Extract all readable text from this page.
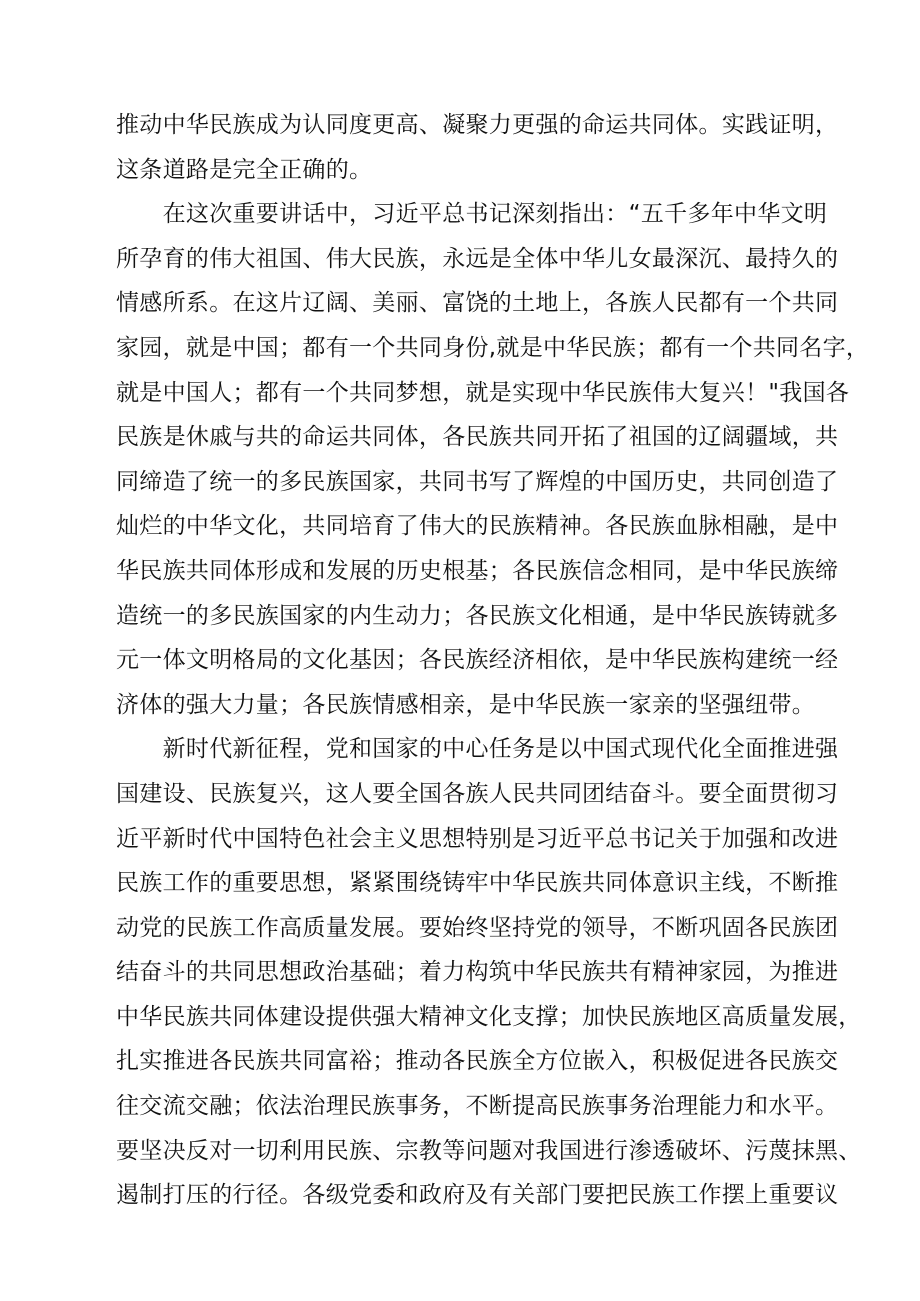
推动中华民族成为认同度更高、凝聚力更强的命运共同体。实践证明，
这条道路是完全正确的。
　　在这次重要讲话中，习近平总书记深刻指出：“五千多年中华文明
所孕育的伟大祖国、伟大民族，永远是全体中华儿女最深沉、最持久的
情感所系。在这片辽阔、美丽、富饶的土地上，各族人民都有一个共同
家园，就是中国；都有一个共同身份,就是中华民族；都有一个共同名字，
就是中国人；都有一个共同梦想，就是实现中华民族伟大复兴！"我国各
民族是休戚与共的命运共同体，各民族共同开拓了祖国的辽阔疆域，共
同缔造了统一的多民族国家，共同书写了辉煌的中国历史，共同创造了
灿烂的中华文化，共同培育了伟大的民族精神。各民族血脉相融，是中
华民族共同体形成和发展的历史根基；各民族信念相同，是中华民族缔
造统一的多民族国家的内生动力；各民族文化相通，是中华民族铸就多
元一体文明格局的文化基因；各民族经济相依，是中华民族构建统一经
济体的强大力量；各民族情感相亲，是中华民族一家亲的坚强纽带。
　　新时代新征程，党和国家的中心任务是以中国式现代化全面推进强
国建设、民族复兴，这人要全国各族人民共同团结奋斗。要全面贯彻习
近平新时代中国特色社会主义思想特别是习近平总书记关于加强和改进
民族工作的重要思想，紧紧围绕铸牢中华民族共同体意识主线，不断推
动党的民族工作高质量发展。要始终坚持党的领导，不断巩固各民族团
结奋斗的共同思想政治基础；着力构筑中华民族共有精神家园，为推进
中华民族共同体建设提供强大精神文化支撑；加快民族地区高质量发展，
扎实推进各民族共同富裕；推动各民族全方位嵌入，积极促进各民族交
往交流交融；依法治理民族事务，不断提高民族事务治理能力和水平。
要坚决反对一切利用民族、宗教等问题对我国进行渗透破坏、污蔑抹黑、
遏制打压的行径。各级党委和政府及有关部门要把民族工作摆上重要议
